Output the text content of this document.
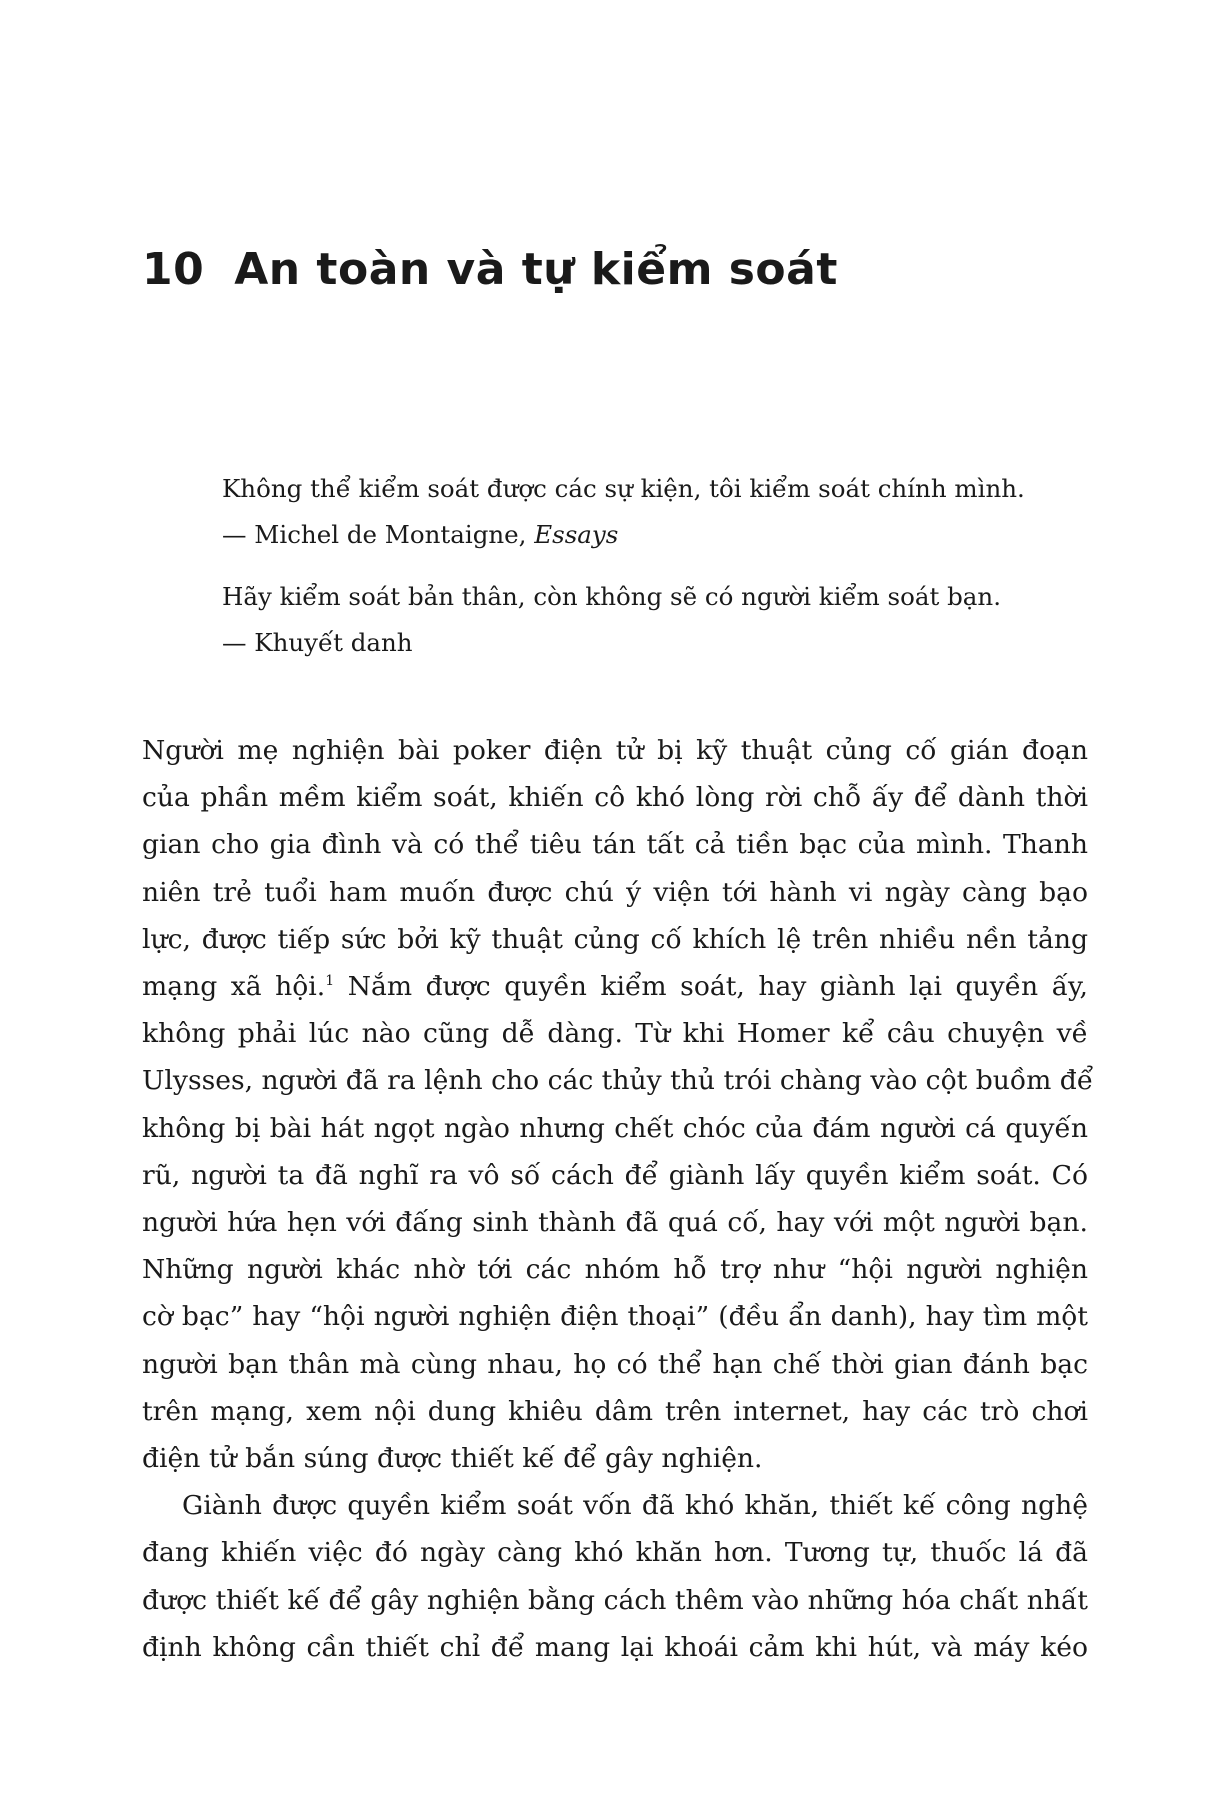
10 An toàn và tự kiểm soát

Không thể kiểm soát được các sự kiện, tôi kiểm soát chính mình.

— Michel de Montaigne, Essays

Hãy kiểm soát bản thân, còn không sẽ có người kiểm soát bạn.

— Khuyết danh

Người mẹ nghiện bài poker điện tử bị kỹ thuật củng cố gián đoạn
của phần mềm kiểm soát, khiến cô khó lòng rời chỗ ấy để dành thời
gian cho gia đình và có thể tiêu tán tất cả tiền bạc của mình. Thanh
niên trẻ tuổi ham muốn được chú ý viện tới hành vi ngày càng bạo
lực, được tiếp sức bởi kỹ thuật củng cố khích lệ trên nhiều nền tảng
mạng xã hội.$^1$ Nắm được quyền kiểm soát, hay giành lại quyền ấy,
không phải lúc nào cũng dễ dàng. Từ khi Homer kể câu chuyện về
Ulysses, người đã ra lệnh cho các thủy thủ trói chàng vào cột buồm để
không bị bài hát ngọt ngào nhưng chết chóc của đám người cá quyến
rũ, người ta đã nghĩ ra vô số cách để giành lấy quyền kiểm soát. Có
người hứa hẹn với đấng sinh thành đã quá cố, hay với một người bạn.
Những người khác nhờ tới các nhóm hỗ trợ như “hội người nghiện
cờ bạc” hay “hội người nghiện điện thoại” (đều ẩn danh), hay tìm một
người bạn thân mà cùng nhau, họ có thể hạn chế thời gian đánh bạc
trên mạng, xem nội dung khiêu dâm trên internet, hay các trò chơi
điện tử bắn súng được thiết kế để gây nghiện.

Giành được quyền kiểm soát vốn đã khó khăn, thiết kế công nghệ
đang khiến việc đó ngày càng khó khăn hơn. Tương tự, thuốc lá đã
được thiết kế để gây nghiện bằng cách thêm vào những hóa chất nhất
định không cần thiết chỉ để mang lại khoái cảm khi hút, và máy kéo
